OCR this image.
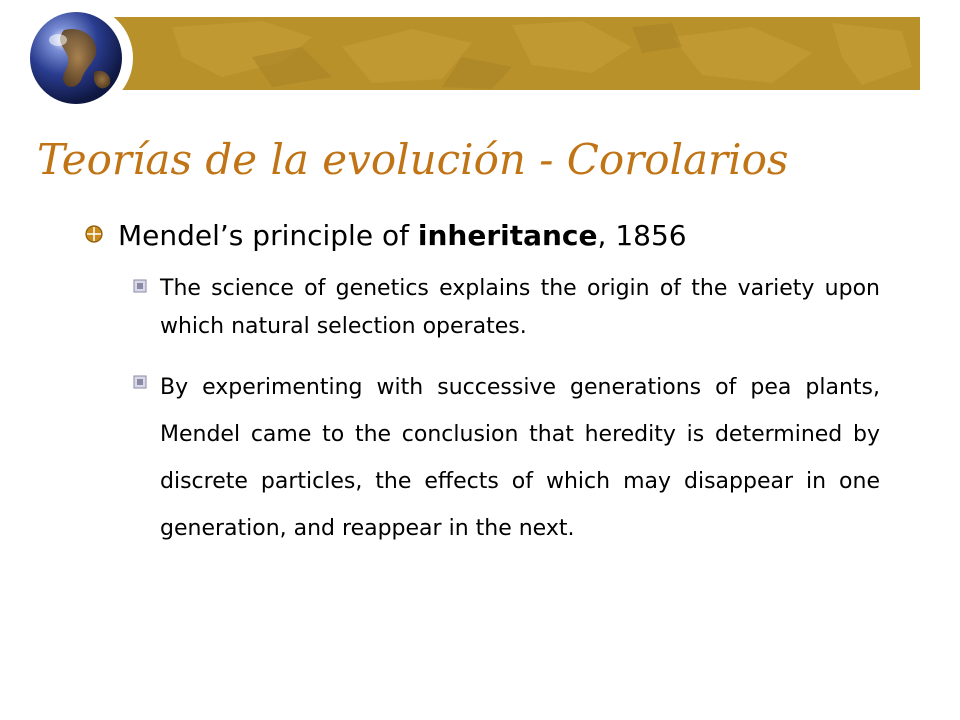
Teorías de la evolución - Corolarios
Mendel’s principle of inheritance, 1856

The science of genetics explains the origin of the variety upon which natural selection operates.

By experimenting with successive generations of pea plants, Mendel came to the conclusion that heredity is determined by discrete particles, the effects of which may disappear in one generation, and reappear in the next.
